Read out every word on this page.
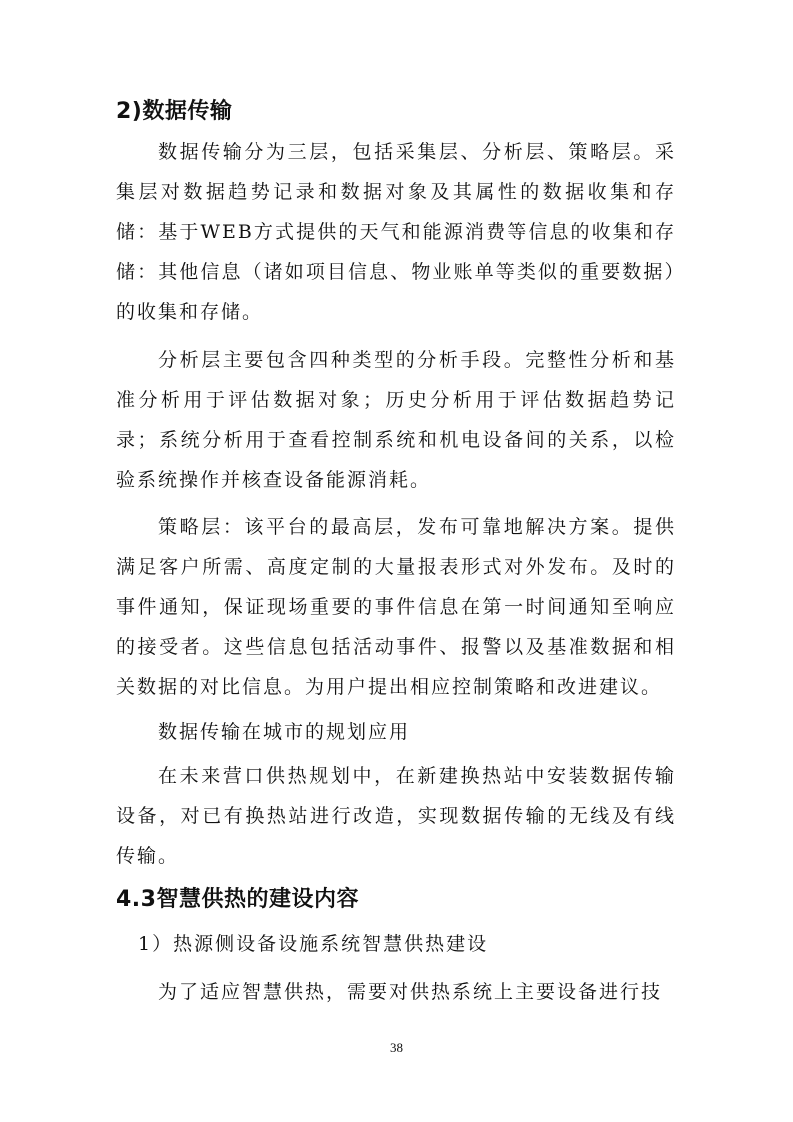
2)数据传输

数据传输分为三层，包括采集层、分析层、策略层。采集层对数据趋势记录和数据对象及其属性的数据收集和存储：基于WEB方式提供的天气和能源消费等信息的收集和存储：其他信息（诸如项目信息、物业账单等类似的重要数据）的收集和存储。

分析层主要包含四种类型的分析手段。完整性分析和基准分析用于评估数据对象；历史分析用于评估数据趋势记录；系统分析用于查看控制系统和机电设备间的关系，以检验系统操作并核查设备能源消耗。

策略层：该平台的最高层，发布可靠地解决方案。提供满足客户所需、高度定制的大量报表形式对外发布。及时的事件通知，保证现场重要的事件信息在第一时间通知至响应的接受者。这些信息包括活动事件、报警以及基准数据和相关数据的对比信息。为用户提出相应控制策略和改进建议。

数据传输在城市的规划应用

在未来营口供热规划中，在新建换热站中安装数据传输设备，对已有换热站进行改造，实现数据传输的无线及有线传输。

4.3智慧供热的建设内容
1）热源侧设备设施系统智慧供热建设
为了适应智慧供热，需要对供热系统上主要设备进行技
38
